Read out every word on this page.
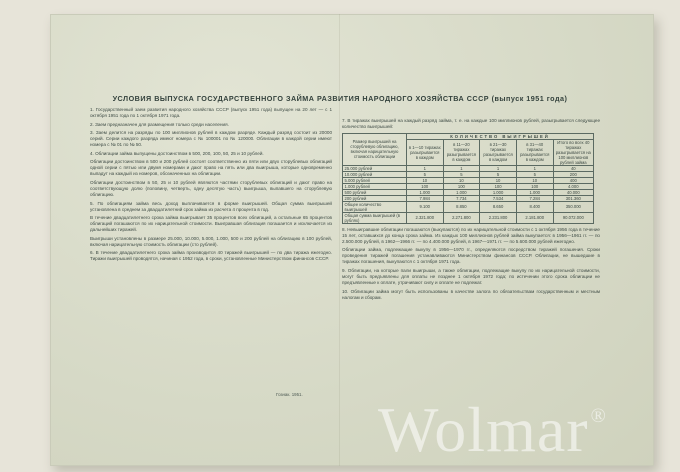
УСЛОВИЯ ВЫПУСКА ГОСУДАРСТВЕННОГО ЗАЙМА РАЗВИТИЯ НАРОДНОГО ХОЗЯЙСТВА СССР (выпуск 1951 года)

1. Государственный заем развития народного хозяйства СССР (выпуск 1951 года) выпущен на 20 лет — с 1 октября 1951 года по 1 октября 1971 года.

2. Заем предназначен для размещения только среди населения.

3. Заем делится на разряды по 100 миллионов рублей в каждом разряде. Каждый разряд состоит из 20000 серий. Серии каждого разряда имеют номера с № 100001 по № 120000. Облигации в каждой серии имеют номера с № 01 по № 50.

4. Облигации займа выпущены достоинством в 500, 200, 100, 50, 25 и 10 рублей.

Облигации достоинством в 500 и 200 рублей состоят соответственно из пяти или двух сторублевых облигаций одной серии с пятью или двумя номерами и дают право на пять или два выигрыша, которые одновременно выпадут на каждый из номеров, обозначенных на облигации.

Облигации достоинством в 50, 25 и 10 рублей являются частями сторублевых облигаций и дают право на соответствующую долю (половину, четверть, одну десятую часть) выигрыша, выпавшего на сторублевую облигацию.

5. По облигациям займа весь доход выплачивается в форме выигрышей. Общая сумма выигрышей установлена в среднем за двадцатилетний срок займа из расчета 4 процента в год.

В течение двадцатилетнего срока займа выигрывает 35 процентов всех облигаций, а остальные 65 процентов облигаций погашаются по их нарицательной стоимости. Выигравшая облигация погашается и исключается из дальнейших тиражей.

Выигрыши установлены в размере 25.000, 10.000, 5.000, 1.000, 500 и 200 рублей на облигацию в 100 рублей, включая нарицательную стоимость облигации (сто рублей).

6. В течение двадцатилетнего срока займа производится 40 тиражей выигрышей — по два тиража ежегодно. Тиражи выигрышей проводятся, начиная с 1952 года, в сроки, установленные Министерством финансов СССР.

7. В тиражах выигрышей на каждый разряд займа, т. е. на каждые 100 миллионов рублей, разыгрывается следующее количество выигрышей:

Размер выигрышей на сторублевую облигацию, включая нарицательную стоимость облигации	КОЛИЧЕСТВО ВЫИГРЫШЕЙ				
	в 1—10 тиражах разыгрывается в каждом	в 11—20 тиражах разыгрывается в каждом	в 21—30 тиражах разыгрывается в каждом	в 31—40 тиражах разыгрывается в каждом	Итого во всех 40 тиражах разыгрывается на 100 миллионов рублей займа
25.000 рублей	1	1	1	1	40
10.000 рублей	5	5	5	5	200
5.000 рублей	10	10	10	10	400
1.000 рублей	100	100	100	100	4.000
500 рублей	1.000	1.000	1.000	1.000	40.000
200 рублей	7.984	7.734	7.534	7.284	301.360
Общее количество выигрышей	9.100	8.850	8.650	8.400	350.000
Общая сумма выигрышей (в рублях)	2.321.800	2.271.800	2.231.800	2.181.800	90.072.000

8. Невыигравшие облигации погашаются (выкупаются) по их нарицательной стоимости с 1 октября 1956 года в течение 15 лет, оставшихся до конца срока займа. Из каждых 100 миллионов рублей займа выкупается: в 1956—1961 гг. — по 2.500.000 рублей, в 1962—1966 гг. — по 4.400.000 рублей, в 1967—1971 гг. — по 5.600.000 рублей ежегодно.

Облигации займа, подлежащие выкупу в 1956—1970 гг., определяются посредством тиражей погашения. Сроки проведения тиражей погашения устанавливаются Министерством финансов СССР. Облигации, не вышедшие в тиражах погашения, выкупаются с 1 октября 1971 года.

9. Облигации, на которые пали выигрыши, а также облигации, подлежащие выкупу по их нарицательной стоимости, могут быть предъявлены для оплаты не позднее 1 октября 1972 года; по истечении этого срока облигации не предъявленные к оплате, утрачивают силу и оплате не подлежат.

10. Облигации займа могут быть использованы в качестве залога по обязательствам государственным и местным налогам и сборам.

Гознак. 1951. Wolmar ®
